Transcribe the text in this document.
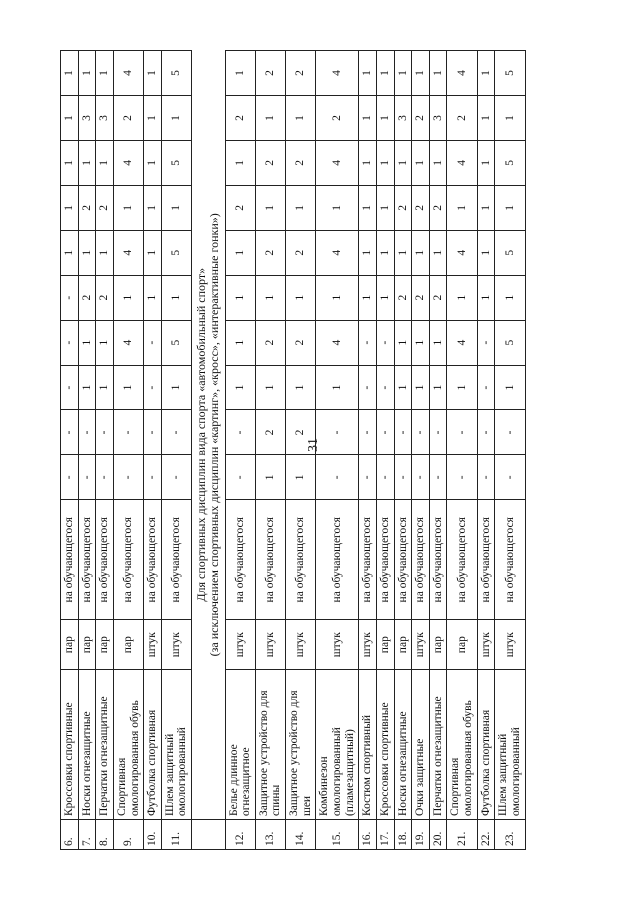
31
6.	Кроссовки спортивные	пар	на обучающегося	-	-	-	-	-	1	1	1	1	1
7.	Носки огнезащитные	пар	на обучающегося	-	-	1	1	2	1	2	1	3	1
8.	Перчатки огнезащитные	пар	на обучающегося	-	-	1	1	2	1	2	1	3	1
9.	Спортивная омологированная обувь	пар	на обучающегося	-	-	1	4	1	4	1	4	2	4
10.	Футболка спортивная	штук	на обучающегося	-	-	-	-	1	1	1	1	1	1
11.	Шлем защитный омологированный	штук	на обучающегося	-	-	1	5	1	5	1	5	1	5

	Для спортивных дисциплин вида спорта «автомобильный спорт» (за исключением спортивных дисциплин «картинг», «кросс», «интерактивные гонки»)												

12.	Белье длинное огнезащитное	штук	на обучающегося	-	-	1	1	1	1	2	1	2	1
13.	Защитное устройство для спины	штук	на обучающегося	1	2	1	2	1	2	1	2	1	2
14.	Защитное устройство для шеи	штук	на обучающегося	1	2	1	2	1	2	1	2	1	2
15.	Комбинезон омологированный (пламезащитный)	штук	на обучающегося	-	-	1	4	1	4	1	4	2	4
16.	Костюм спортивный	штук	на обучающегося	-	-	-	-	1	1	1	1	1	1
17.	Кроссовки спортивные	пар	на обучающегося	-	-	-	-	1	1	1	1	1	1
18.	Носки огнезащитные	пар	на обучающегося	-	-	1	1	2	1	2	1	3	1
19.	Очки защитные	штук	на обучающегося	-	-	1	1	2	1	2	1	2	1
20.	Перчатки огнезащитные	пар	на обучающегося	-	-	1	1	2	1	2	1	3	1
21.	Спортивная омологированная обувь	пар	на обучающегося	-	-	1	4	1	4	1	4	2	4
22.	Футболка спортивная	штук	на обучающегося	-	-	-	-	1	1	1	1	1	1
23.	Шлем защитный омологированный	штук	на обучающегося	-	-	1	5	1	5	1	5	1	5
